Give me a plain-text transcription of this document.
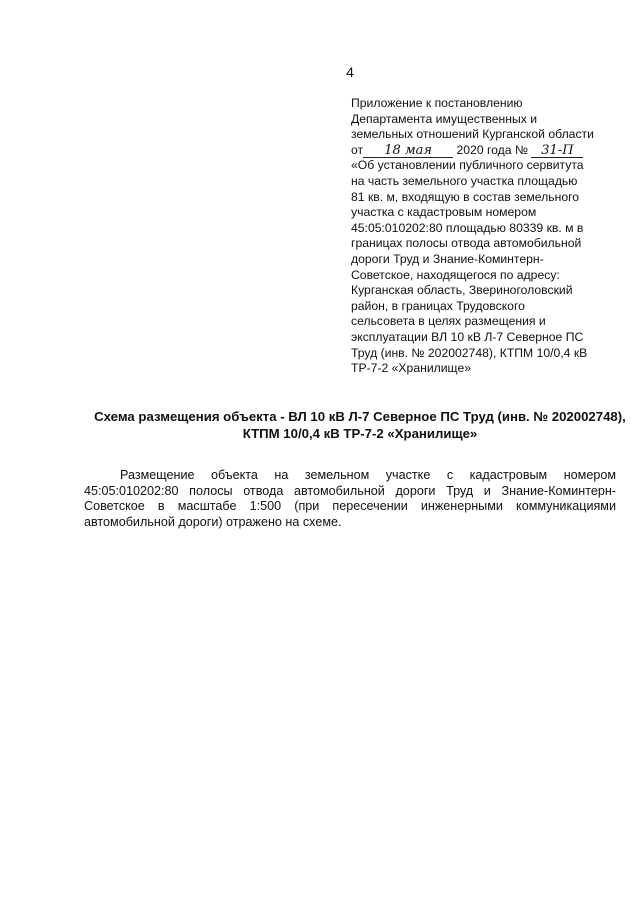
4
Приложение к постановлению
Департамента имущественных и
земельных отношений Курганской области
от 18 мая 2020 года № 31-П
«Об установлении публичного сервитута
на часть земельного участка площадью
81 кв. м, входящую в состав земельного
участка с кадастровым номером
45:05:010202:80 площадью 80339 кв. м в
границах полосы отвода автомобильной
дороги Труд и Знание-Коминтерн-
Советское, находящегося по адресу:
Курганская область, Звериноголовский
район, в границах Трудовского
сельсовета в целях размещения и
эксплуатации ВЛ 10 кВ Л-7 Северное ПС
Труд (инв. № 202002748), КТПМ 10/0,4 кВ
ТР-7-2 «Хранилище»
Схема размещения объекта - ВЛ 10 кВ Л-7 Северное ПС Труд (инв. № 202002748),
КТПМ 10/0,4 кВ ТР-7-2 «Хранилище»
Размещение объекта на земельном участке с кадастровым номером
45:05:010202:80 полосы отвода автомобильной дороги Труд и Знание-Коминтерн-
Советское в масштабе 1:500 (при пересечении инженерными коммуникациями
автомобильной дороги) отражено на схеме.
